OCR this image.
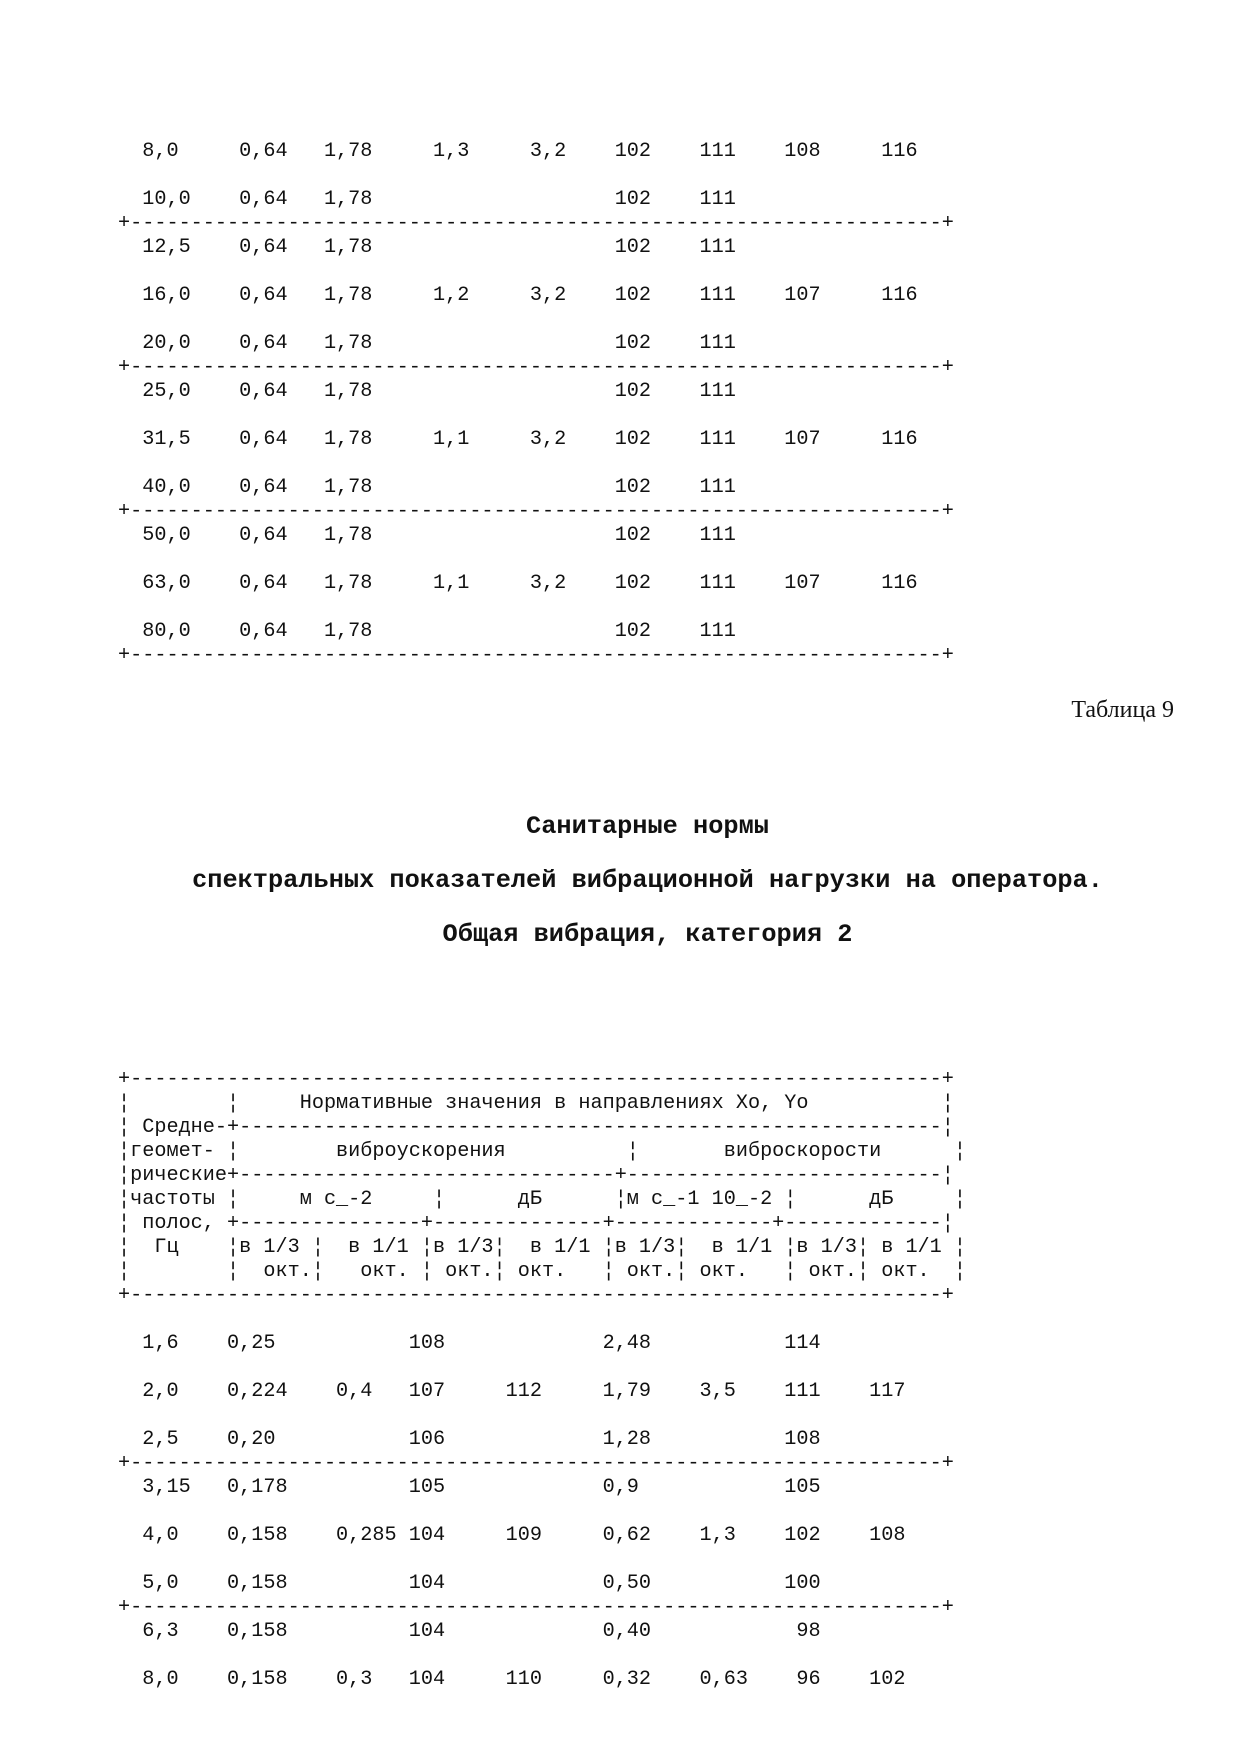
8,0     0,64   1,78     1,3     3,2    102    111    108     116

10,0    0,64   1,78                    102    111

+-------------------------------------------------------------------+

12,5    0,64   1,78                    102    111

16,0    0,64   1,78     1,2     3,2    102    111    107     116

20,0    0,64   1,78                    102    111

+-------------------------------------------------------------------+

25,0    0,64   1,78                    102    111

31,5    0,64   1,78     1,1     3,2    102    111    107     116

40,0    0,64   1,78                    102    111

+-------------------------------------------------------------------+

50,0    0,64   1,78                    102    111

63,0    0,64   1,78     1,1     3,2    102    111    107     116

80,0    0,64   1,78                    102    111

+-------------------------------------------------------------------+

Таблица 9

Санитарные нормы

спектральных показателей вибрационной нагрузки на оператора.

Общая вибрация, категория 2

+-------------------------------------------------------------------+

¦        ¦     Нормативные значения в направлениях Xo, Yo           ¦

¦ Средне-+----------------------------------------------------------¦

¦геомет- ¦        виброускорения          ¦       виброскорости      ¦

¦рические+-------------------------------+--------------------------¦

¦частоты ¦     м с_-2     ¦      дБ      ¦м с_-1 10_-2 ¦      дБ     ¦

¦ полос, +---------------+--------------+-------------+-------------¦

¦  Гц    ¦в 1/3 ¦  в 1/1 ¦в 1/3¦  в 1/1 ¦в 1/3¦  в 1/1 ¦в 1/3¦ в 1/1 ¦

¦        ¦  окт.¦   окт. ¦ окт.¦ окт.   ¦ окт.¦ окт.   ¦ окт.¦ окт.  ¦

+-------------------------------------------------------------------+

1,6    0,25           108             2,48           114

2,0    0,224    0,4   107     112     1,79    3,5    111    117

2,5    0,20           106             1,28           108

+-------------------------------------------------------------------+

3,15   0,178          105             0,9            105

4,0    0,158    0,285 104     109     0,62    1,3    102    108

5,0    0,158          104             0,50           100

+-------------------------------------------------------------------+

6,3    0,158          104             0,40            98

8,0    0,158    0,3   104     110     0,32    0,63    96    102
